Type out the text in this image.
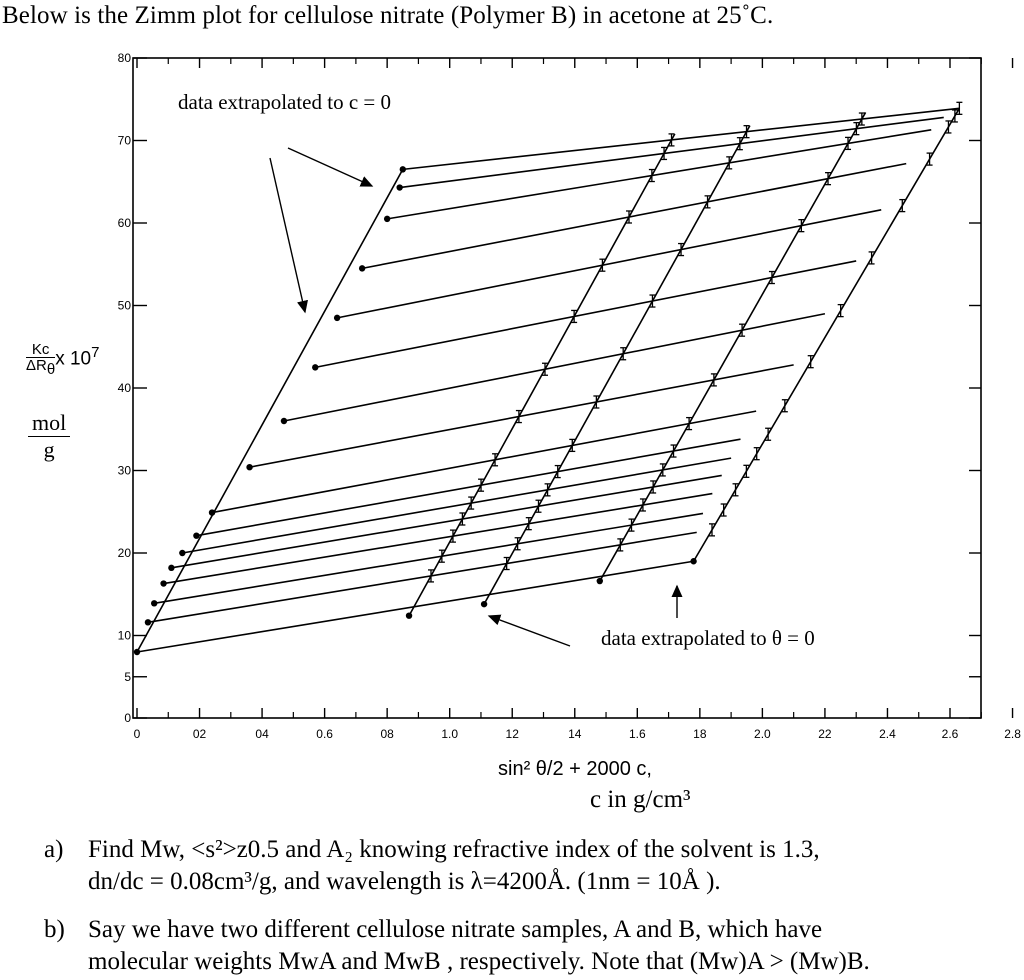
Below is the Zimm plot for cellulose nitrate (Polymer B) in acetone at 25˚C.
0	02	04	0.6	08	1.0	12	14	1.6	18	2.0	22	2.4	2.6	2.8
0
5
10
20
30
40
50
60
70
80
$\frac{Kc}{\Delta R_\theta}$ x $10^7$
mol
g
data extrapolated to c = 0
data extrapolated to θ = 0
sin² θ/2 + 2000 c,
c in g/cm³
a) Find Mw, <s²>z0.5 and A₂ knowing refractive index of the solvent is 1.3,
dn/dc = 0.08cm³/g, and wavelength is λ=4200Å. (1nm = 10Å ).
b) Say we have two different cellulose nitrate samples, A and B, which have
molecular weights MwA and MwB , respectively. Note that (Mw)A > (Mw)B.
